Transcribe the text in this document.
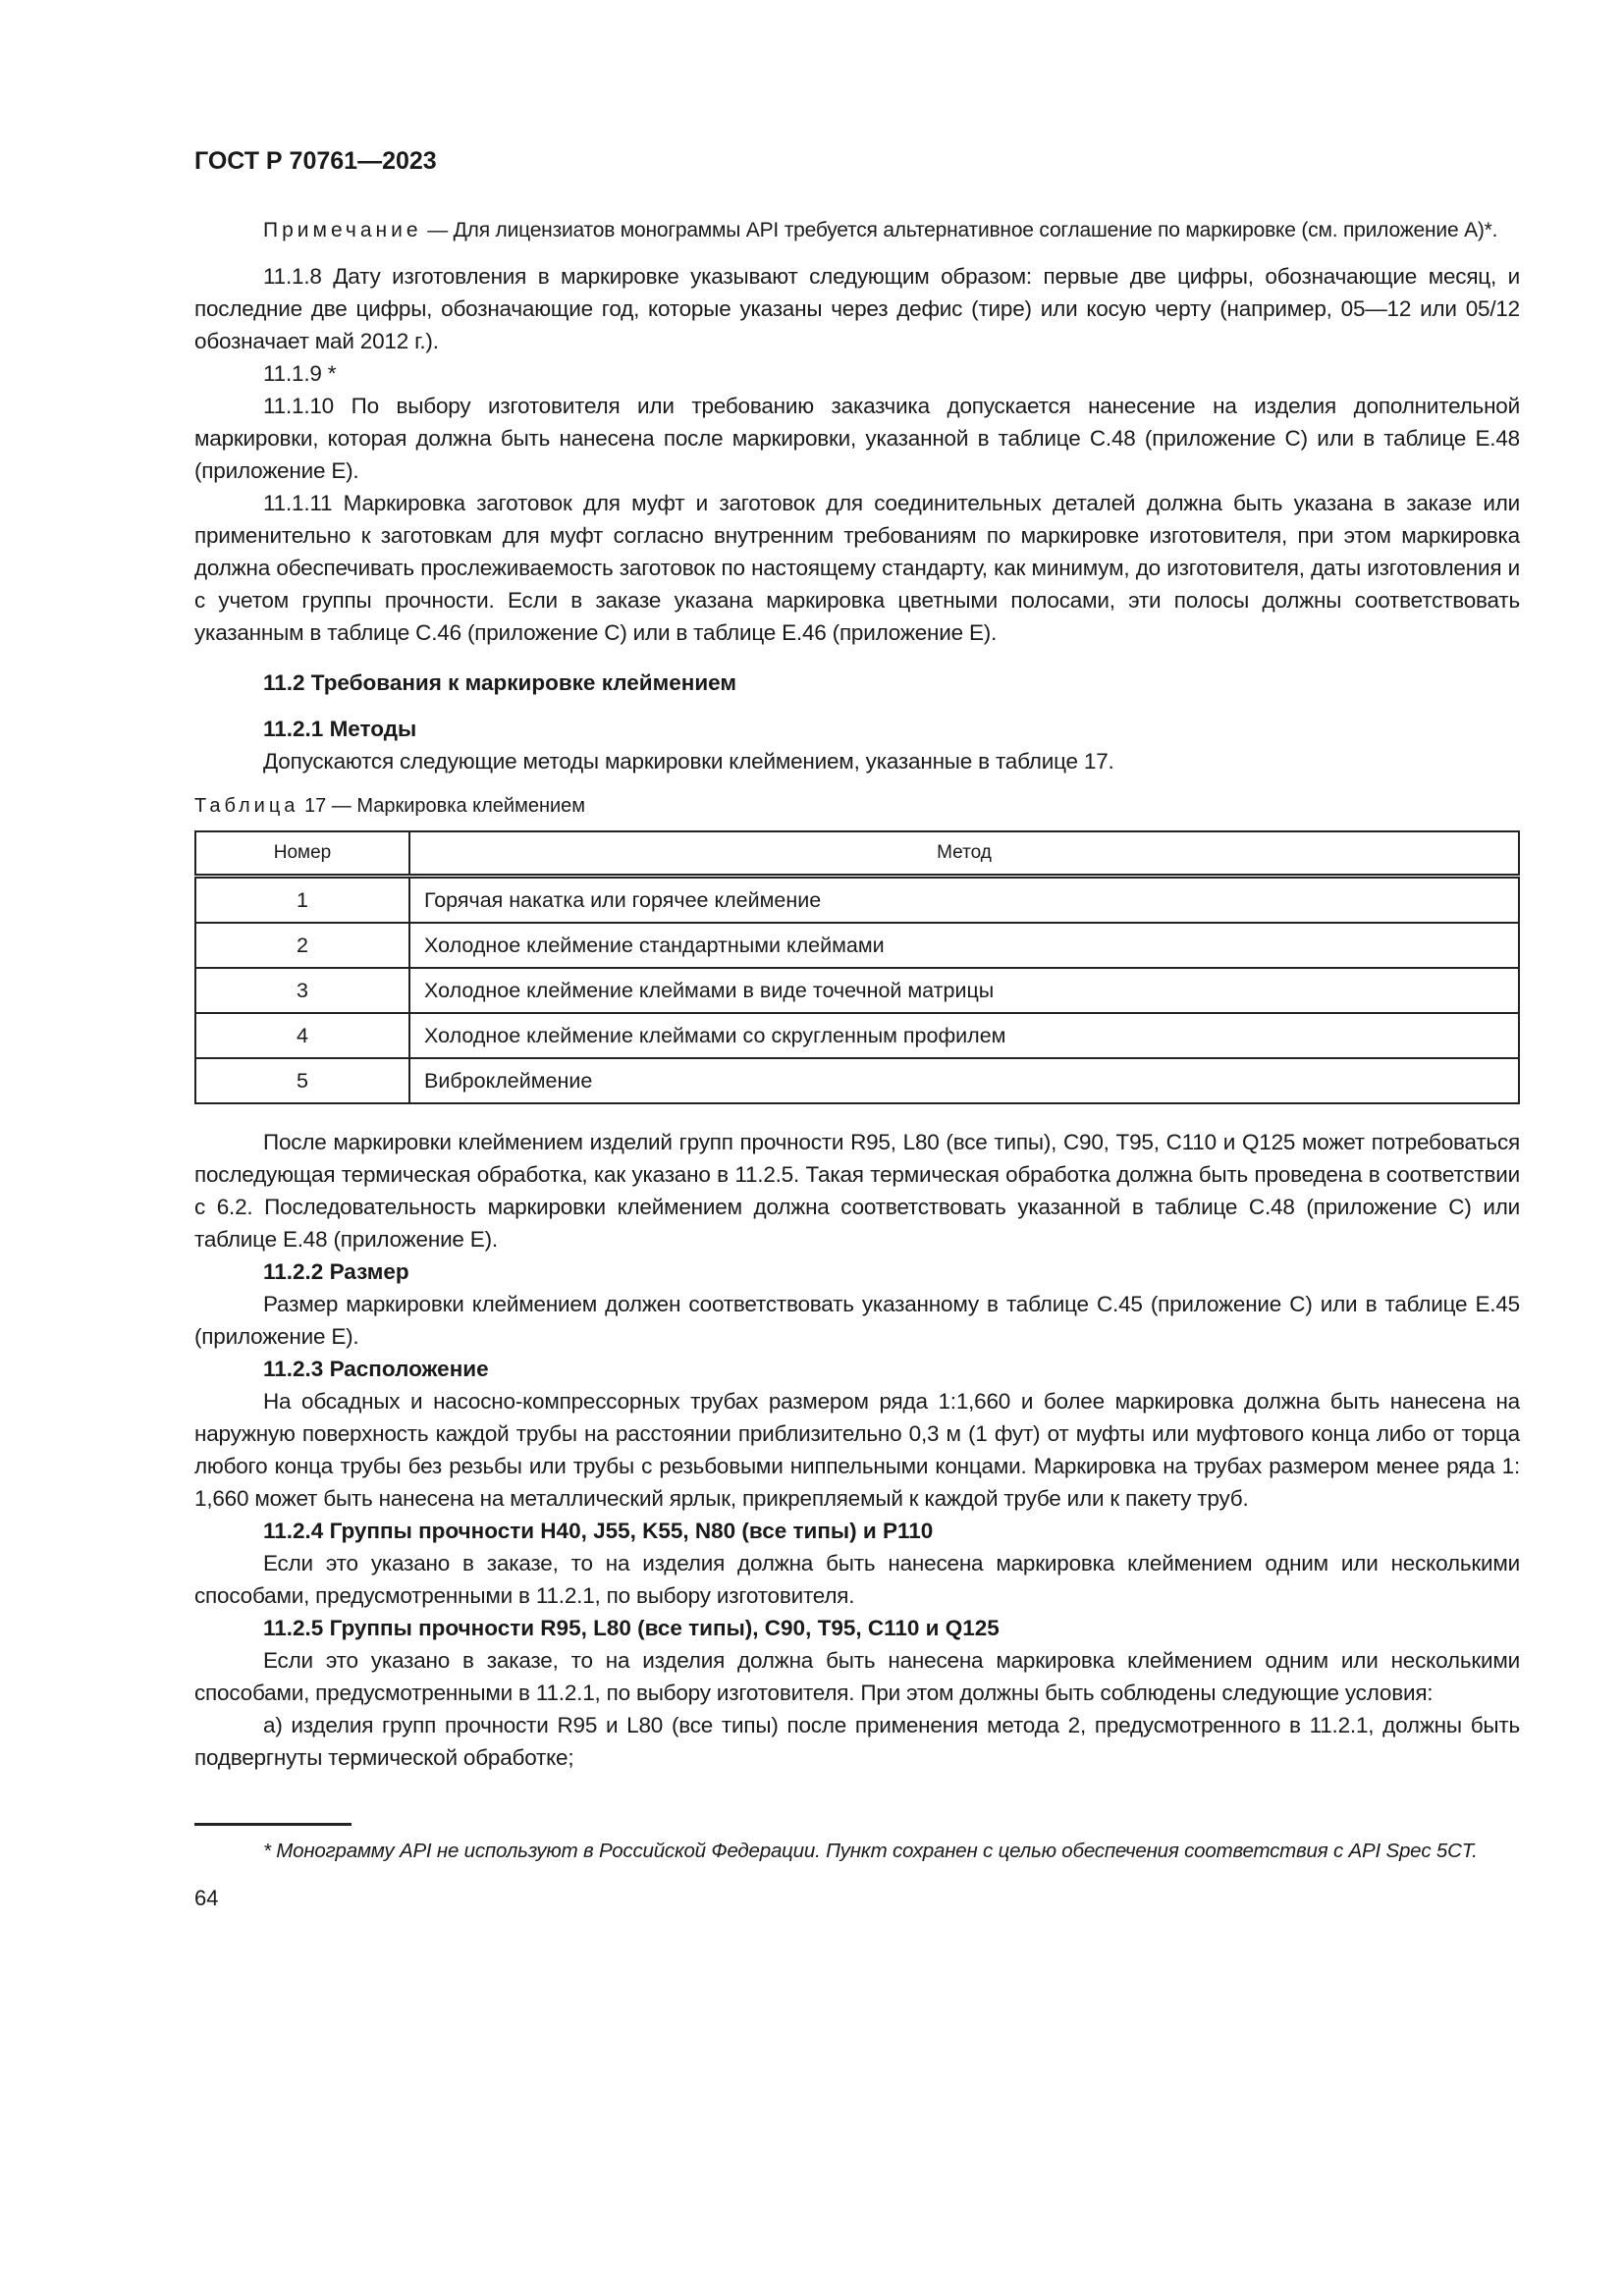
ГОСТ Р 70761—2023

Примечание — Для лицензиатов монограммы API требуется альтернативное соглашение по маркировке (см. приложение А)*.

11.1.8 Дату изготовления в маркировке указывают следующим образом: первые две цифры, обозначающие месяц, и последние две цифры, обозначающие год, которые указаны через дефис (тире) или косую черту (например, 05—12 или 05/12 обозначает май 2012 г.).

11.1.9 *

11.1.10 По выбору изготовителя или требованию заказчика допускается нанесение на изделия дополнительной маркировки, которая должна быть нанесена после маркировки, указанной в таблице С.48 (приложение С) или в таблице Е.48 (приложение Е).

11.1.11 Маркировка заготовок для муфт и заготовок для соединительных деталей должна быть указана в заказе или применительно к заготовкам для муфт согласно внутренним требованиям по маркировке изготовителя, при этом маркировка должна обеспечивать прослеживаемость заготовок по настоящему стандарту, как минимум, до изготовителя, даты изготовления и с учетом группы прочности. Если в заказе указана маркировка цветными полосами, эти полосы должны соответствовать указанным в таблице С.46 (приложение С) или в таблице Е.46 (приложение Е).

11.2 Требования к маркировке клеймением
11.2.1 Методы

Допускаются следующие методы маркировки клеймением, указанные в таблице 17.

Таблица 17 — Маркировка клеймением
Номер	Метод
1	Горячая накатка или горячее клеймение
2	Холодное клеймение стандартными клеймами
3	Холодное клеймение клеймами в виде точечной матрицы
4	Холодное клеймение клеймами со скругленным профилем
5	Виброклеймение

После маркировки клеймением изделий групп прочности R95, L80 (все типы), С90, Т95, С110 и Q125 может потребоваться последующая термическая обработка, как указано в 11.2.5. Такая термическая обработка должна быть проведена в соответствии с 6.2. Последовательность маркировки клеймением должна соответствовать указанной в таблице С.48 (приложение С) или таблице Е.48 (приложение Е).

11.2.2 Размер

Размер маркировки клеймением должен соответствовать указанному в таблице С.45 (приложение С) или в таблице Е.45 (приложение Е).

11.2.3 Расположение

На обсадных и насосно-компрессорных трубах размером ряда 1:1,660 и более маркировка должна быть нанесена на наружную поверхность каждой трубы на расстоянии приблизительно 0,3 м (1 фут) от муфты или муфтового конца либо от торца любого конца трубы без резьбы или трубы с резьбовыми ниппельными концами. Маркировка на трубах размером менее ряда 1: 1,660 может быть нанесена на металлический ярлык, прикрепляемый к каждой трубе или к пакету труб.

11.2.4 Группы прочности Н40, J55, K55, N80 (все типы) и Р110

Если это указано в заказе, то на изделия должна быть нанесена маркировка клеймением одним или несколькими способами, предусмотренными в 11.2.1, по выбору изготовителя.

11.2.5 Группы прочности R95, L80 (все типы), С90, Т95, С110 и Q125

Если это указано в заказе, то на изделия должна быть нанесена маркировка клеймением одним или несколькими способами, предусмотренными в 11.2.1, по выбору изготовителя. При этом должны быть соблюдены следующие условия:

а) изделия групп прочности R95 и L80 (все типы) после применения метода 2, предусмотренного в 11.2.1, должны быть подвергнуты термической обработке;

* Монограмму API не используют в Российской Федерации. Пункт сохранен с целью обеспечения соответствия с API Spec 5CT.

64
